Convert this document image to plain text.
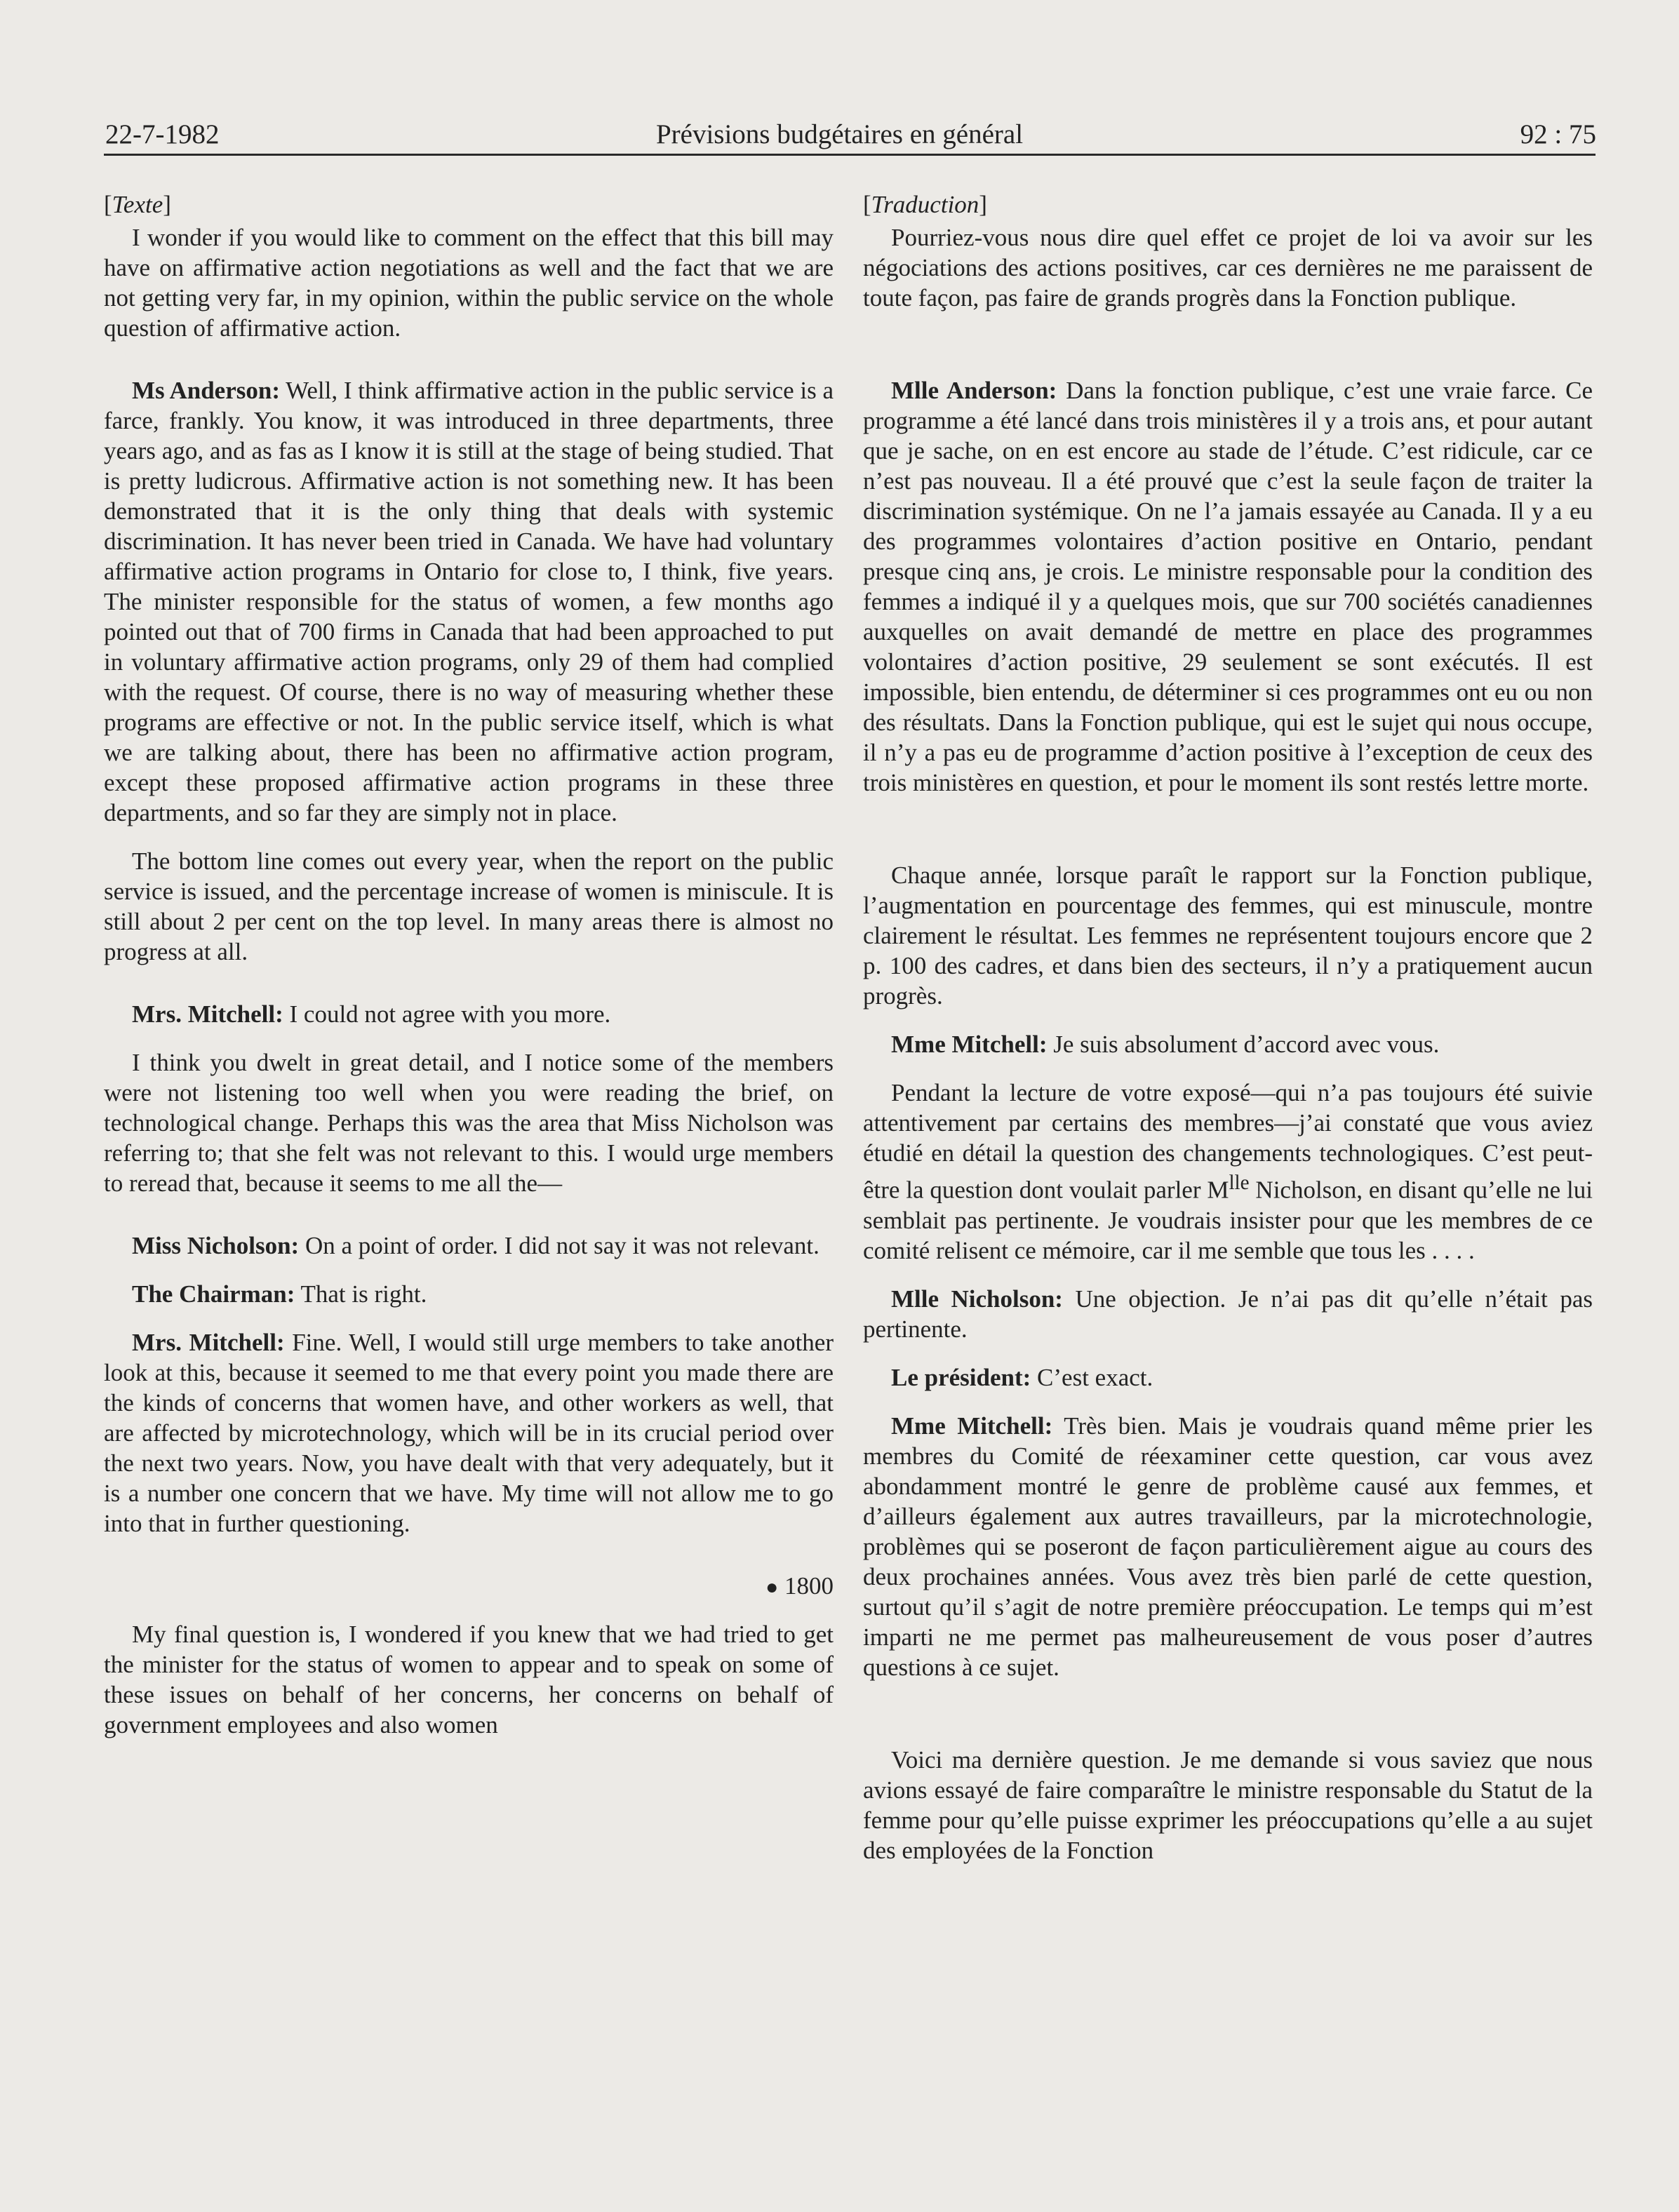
22-7-1982	Prévisions budgétaires en général	92 : 75

[Texte]

I wonder if you would like to comment on the effect that this bill may have on affirmative action negotiations as well and the fact that we are not getting very far, in my opinion, within the public service on the whole question of affirmative action.

Ms Anderson: Well, I think affirmative action in the public service is a farce, frankly. You know, it was introduced in three departments, three years ago, and as fas as I know it is still at the stage of being studied. That is pretty ludicrous. Affirmative action is not something new. It has been demonstrated that it is the only thing that deals with systemic discrimination. It has never been tried in Canada. We have had voluntary affirmative action programs in Ontario for close to, I think, five years. The minister responsible for the status of women, a few months ago pointed out that of 700 firms in Canada that had been approached to put in voluntary affirmative action programs, only 29 of them had complied with the request. Of course, there is no way of measuring whether these programs are effective or not. In the public service itself, which is what we are talking about, there has been no affirmative action program, except these proposed affirmative action programs in these three departments, and so far they are simply not in place.

The bottom line comes out every year, when the report on the public service is issued, and the percentage increase of women is miniscule. It is still about 2 per cent on the top level. In many areas there is almost no progress at all.

Mrs. Mitchell: I could not agree with you more.

I think you dwelt in great detail, and I notice some of the members were not listening too well when you were reading the brief, on technological change. Perhaps this was the area that Miss Nicholson was referring to; that she felt was not relevant to this. I would urge members to reread that, because it seems to me all the—

Miss Nicholson: On a point of order. I did not say it was not relevant.

The Chairman: That is right.

Mrs. Mitchell: Fine. Well, I would still urge members to take another look at this, because it seemed to me that every point you made there are the kinds of concerns that women have, and other workers as well, that are affected by microtechnology, which will be in its crucial period over the next two years. Now, you have dealt with that very adequately, but it is a number one concern that we have. My time will not allow me to go into that in further questioning.

● 1800

My final question is, I wondered if you knew that we had tried to get the minister for the status of women to appear and to speak on some of these issues on behalf of her concerns, her concerns on behalf of government employees and also women

[Traduction]

Pourriez-vous nous dire quel effet ce projet de loi va avoir sur les négociations des actions positives, car ces dernières ne me paraissent de toute façon, pas faire de grands progrès dans la Fonction publique.

Mlle Anderson: Dans la fonction publique, c’est une vraie farce. Ce programme a été lancé dans trois ministères il y a trois ans, et pour autant que je sache, on en est encore au stade de l’étude. C’est ridicule, car ce n’est pas nouveau. Il a été prouvé que c’est la seule façon de traiter la discrimination systémique. On ne l’a jamais essayée au Canada. Il y a eu des programmes volontaires d’action positive en Ontario, pendant presque cinq ans, je crois. Le ministre responsable pour la condition des femmes a indiqué il y a quelques mois, que sur 700 sociétés canadiennes auxquelles on avait demandé de mettre en place des programmes volontaires d’action positive, 29 seulement se sont exécutés. Il est impossible, bien entendu, de déterminer si ces programmes ont eu ou non des résultats. Dans la Fonction publique, qui est le sujet qui nous occupe, il n’y a pas eu de programme d’action positive à l’exception de ceux des trois ministères en question, et pour le moment ils sont restés lettre morte.

Chaque année, lorsque paraît le rapport sur la Fonction publique, l’augmentation en pourcentage des femmes, qui est minuscule, montre clairement le résultat. Les femmes ne représentent toujours encore que 2 p. 100 des cadres, et dans bien des secteurs, il n’y a pratiquement aucun progrès.

Mme Mitchell: Je suis absolument d’accord avec vous.

Pendant la lecture de votre exposé—qui n’a pas toujours été suivie attentivement par certains des membres—j’ai constaté que vous aviez étudié en détail la question des changements technologiques. C’est peut-être la question dont voulait parler $M^{lle}$ Nicholson, en disant qu’elle ne lui semblait pas pertinente. Je voudrais insister pour que les membres de ce comité relisent ce mémoire, car il me semble que tous les . . . .

Mlle Nicholson: Une objection. Je n’ai pas dit qu’elle n’était pas pertinente.

Le président: C’est exact.

Mme Mitchell: Très bien. Mais je voudrais quand même prier les membres du Comité de réexaminer cette question, car vous avez abondamment montré le genre de problème causé aux femmes, et d’ailleurs également aux autres travailleurs, par la microtechnologie, problèmes qui se poseront de façon particulièrement aigue au cours des deux prochaines années. Vous avez très bien parlé de cette question, surtout qu’il s’agit de notre première préoccupation. Le temps qui m’est imparti ne me permet pas malheureusement de vous poser d’autres questions à ce sujet.

Voici ma dernière question. Je me demande si vous saviez que nous avions essayé de faire comparaître le ministre responsable du Statut de la femme pour qu’elle puisse exprimer les préoccupations qu’elle a au sujet des employées de la Fonction
